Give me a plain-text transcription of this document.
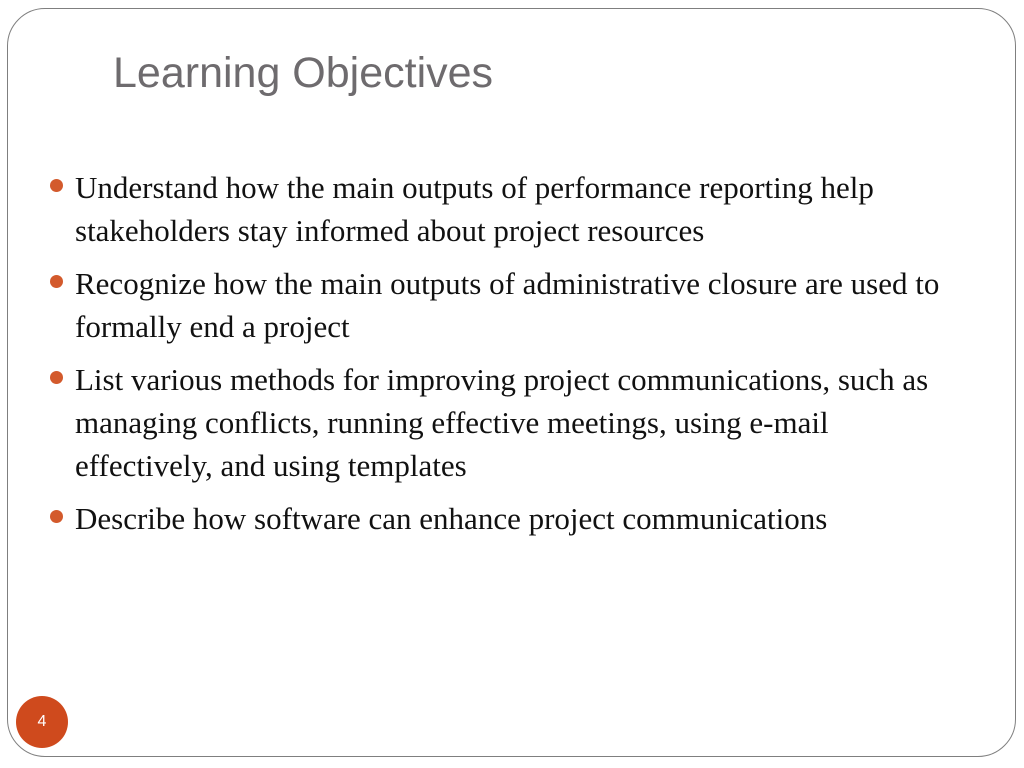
Learning Objectives
Understand how the main outputs of performance reporting help stakeholders stay informed about project resources
Recognize how the main outputs of administrative closure are used to formally end a project
List various methods for improving project communications, such as managing conflicts, running effective meetings, using e-mail effectively, and using templates
Describe how software can enhance project communications
4
